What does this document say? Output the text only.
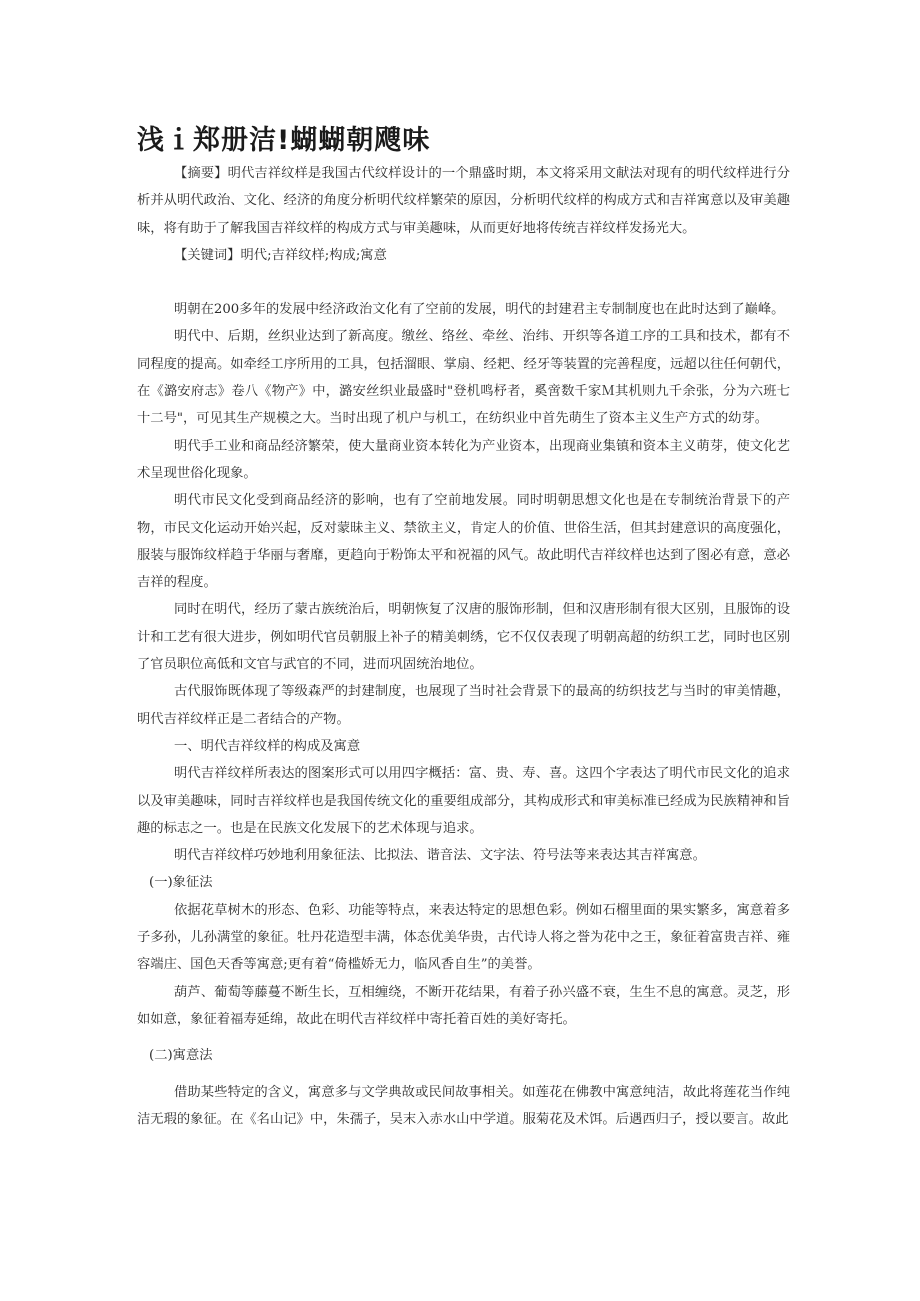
浅ｉ郑册洁!蝴蝴朝飕味

【摘要】明代吉祥纹样是我国古代纹样设计的一个鼎盛时期，本文将采用文献法对现有的明代纹样进行分析并从明代政治、文化、经济的角度分析明代纹样繁荣的原因，分析明代纹样的构成方式和吉祥寓意以及审美趣味，将有助于了解我国吉祥纹样的构成方式与审美趣味，从而更好地将传统吉祥纹样发扬光大。

【关键词】明代;吉祥纹样;构成;寓意

明朝在200多年的发展中经济政治文化有了空前的发展，明代的封建君主专制制度也在此时达到了巅峰。

明代中、后期，丝织业达到了新高度。缴丝、络丝、牵丝、治纬、开织等各道工序的工具和技术，都有不同程度的提高。如牵经工序所用的工具，包括溜眼、掌扇、经耙、经牙等装置的完善程度，远超以往任何朝代，在《潞安府志》卷八《物产》中，潞安丝织业最盛时"登机鸣杼者，奚啻数千家Ｍ其机则九千余张，分为六班七十二号"，可见其生产规模之大。当时出现了机户与机工，在纺织业中首先萌生了资本主义生产方式的幼芽。

明代手工业和商品经济繁荣，使大量商业资本转化为产业资本，出现商业集镇和资本主义萌芽，使文化艺术呈现世俗化现象。

明代市民文化受到商品经济的影响，也有了空前地发展。同时明朝思想文化也是在专制统治背景下的产物，市民文化运动开始兴起，反对蒙昧主义、禁欲主义，肯定人的价值、世俗生活，但其封建意识的高度强化，服装与服饰纹样趋于华丽与奢靡，更趋向于粉饰太平和祝福的风气。故此明代吉祥纹样也达到了图必有意，意必吉祥的程度。

同时在明代，经历了蒙古族统治后，明朝恢复了汉唐的服饰形制，但和汉唐形制有很大区别，且服饰的设计和工艺有很大进步，例如明代官员朝服上补子的精美刺绣，它不仅仅表现了明朝高超的纺织工艺，同时也区别了官员职位高低和文官与武官的不同，进而巩固统治地位。

古代服饰既体现了等级森严的封建制度，也展现了当时社会背景下的最高的纺织技艺与当时的审美情趣，明代吉祥纹样正是二者结合的产物。

一、明代吉祥纹样的构成及寓意

明代吉祥纹样所表达的图案形式可以用四字概括：富、贵、寿、喜。这四个字表达了明代市民文化的追求以及审美趣味，同时吉祥纹样也是我国传统文化的重要组成部分，其构成形式和审美标准已经成为民族精神和旨趣的标志之一。也是在民族文化发展下的艺术体现与追求。

明代吉祥纹样巧妙地利用象征法、比拟法、谐音法、文字法、符号法等来表达其吉祥寓意。

(一)象征法

依据花草树木的形态、色彩、功能等特点，来表达特定的思想色彩。例如石榴里面的果实繁多，寓意着多子多孙，儿孙满堂的象征。牡丹花造型丰满，体态优美华贵，古代诗人将之誉为花中之王，象征着富贵吉祥、雍容端庄、国色天香等寓意;更有着“倚槛娇无力，临风香自生”的美誉。

葫芦、葡萄等藤蔓不断生长，互相缠绕，不断开花结果，有着子孙兴盛不衰，生生不息的寓意。灵芝，形如如意，象征着福寿延绵，故此在明代吉祥纹样中寄托着百姓的美好寄托。

(二)寓意法

借助某些特定的含义，寓意多与文学典故或民间故事相关。如莲花在佛教中寓意纯洁，故此将莲花当作纯洁无瑕的象征。在《名山记》中，朱孺子，吴末入赤水山中学道。服菊花及术饵。后遇西归子，授以要言。故此
